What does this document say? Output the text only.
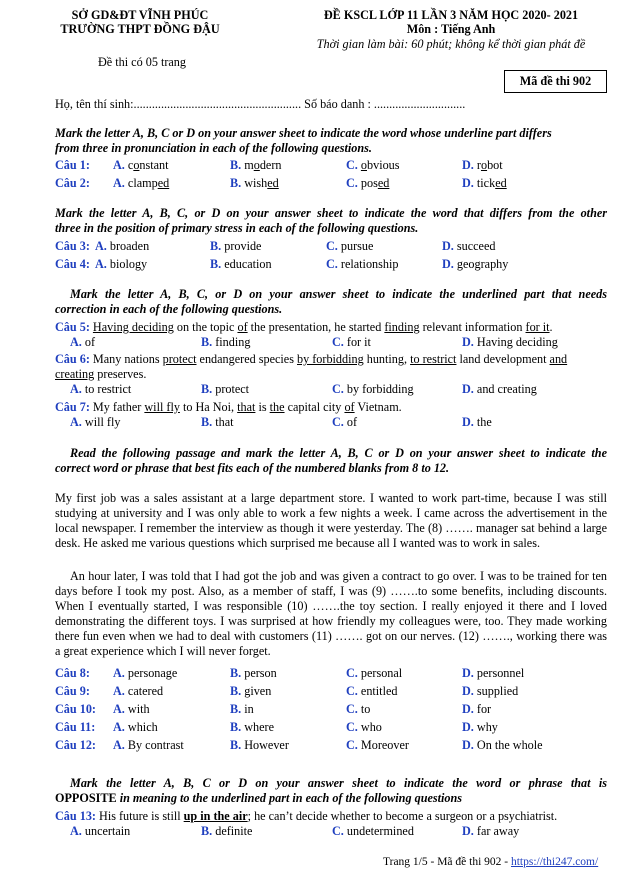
SỞ GD&ĐT VĨNH PHÚC
TRƯỜNG THPT ĐỒNG ĐẬU
Đề thi có 05 trang
ĐỀ KSCL LỚP 11 LẦN 3 NĂM HỌC 2020- 2021
Môn : Tiếng Anh
Thời gian làm bài: 60 phút; không kể thời gian phát đề
Mã đề thi 902
Họ, tên thí sinh:....................................................... Số báo danh : ..............................
Mark the letter A, B, C or D on your answer sheet to indicate the word whose underline part differs
from three in pronunciation in each of the following questions.
Câu 1: A. constant	B. modern	C. obvious	D. robot
Câu 2: A. clamped	B. wished	C. posed	D. ticked
Mark the letter A, B, C, or D on your answer sheet to indicate the word that differs from the other
three in the position of primary stress in each of the following questions.
Câu 3: A. broaden	B. provide	C. pursue	D. succeed
Câu 4: A. biology	B. education	C. relationship	D. geography
Mark the letter A, B, C, or D on your answer sheet to indicate the underlined part that needs
correction in each of the following questions.
Câu 5: Having deciding on the topic of the presentation, he started finding relevant information for it.
A. of	B. finding	C. for it	D. Having deciding
Câu 6: Many nations protect endangered species by forbidding hunting, to restrict land development and
creating preserves.
A. to restrict	B. protect	C. by forbidding	D. and creating
Câu 7: My father will fly to Ha Noi, that is the capital city of Vietnam.
A. will fly	B. that	C. of	D. the
Read the following passage and mark the letter A, B, C or D on your answer sheet to indicate the
correct word or phrase that best fits each of the numbered blanks from 8 to 12.
My first job was a sales assistant at a large department store. I wanted to work part-time, because I was still studying at university and I was only able to work a few nights a week. I came across the advertisement in the local newspaper. I remember the interview as though it were yesterday. The (8) ……. manager sat behind a large desk. He asked me various questions which surprised me because all I wanted was to work in sales.
An hour later, I was told that I had got the job and was given a contract to go over. I was to be trained for ten days before I took my post. Also, as a member of staff, I was (9) …….to some benefits, including discounts. When I eventually started, I was responsible (10) …….the toy section. I really enjoyed it there and I loved demonstrating the different toys. I was surprised at how friendly my colleagues were, too. They made working there fun even when we had to deal with customers (11) ……. got on our nerves. (12) ……., working there was a great experience which I will never forget.
Câu 8: A. personage	B. person	C. personal	D. personnel
Câu 9: A. catered	B. given	C. entitled	D. supplied
Câu 10: A. with	B. in	C. to	D. for
Câu 11: A. which	B. where	C. who	D. why
Câu 12: A. By contrast	B. However	C. Moreover	D. On the whole
Mark the letter A, B, C or D on your answer sheet to indicate the word or phrase that is
OPPOSITE in meaning to the underlined part in each of the following questions
Câu 13: His future is still up in the air; he can’t decide whether to become a surgeon or a psychiatrist.
A. uncertain	B. definite	C. undetermined	D. far away
Trang 1/5 - Mã đề thi 902 - https://thi247.com/
